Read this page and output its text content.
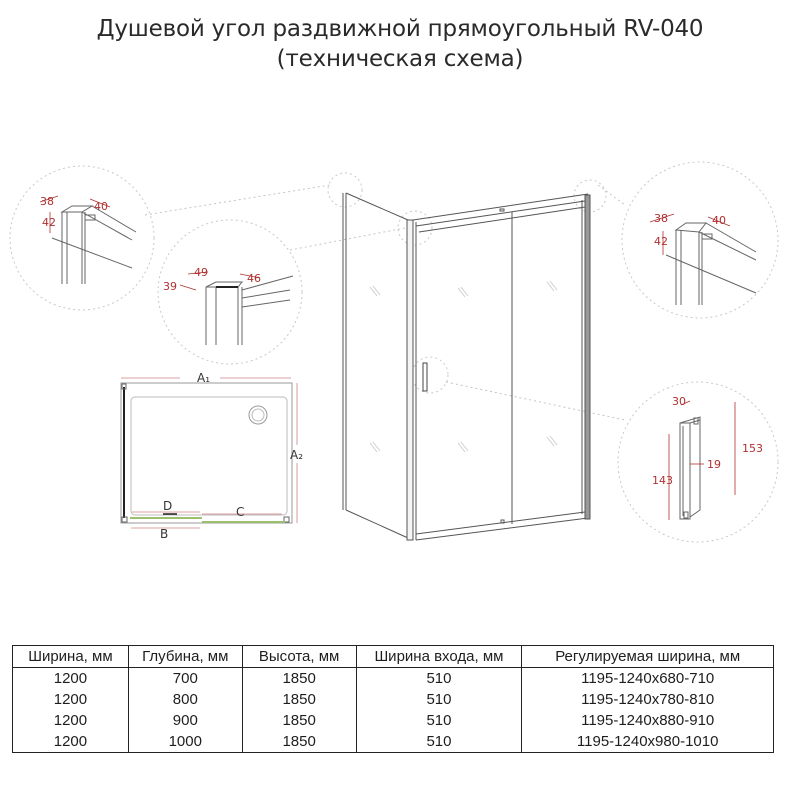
Душевой угол раздвижной прямоугольный RV-040
(техническая схема)
38	40
42
49	46
39
38	40
42
30
19
143
153
A₁
A₂
D	C
B
Ширина, мм	Глубина, мм	Высота, мм	Ширина входа, мм	Регулируемая ширина, мм
1200	700	1850	510	1195-1240x680-710
1200	800	1850	510	1195-1240x780-810
1200	900	1850	510	1195-1240x880-910
1200	1000	1850	510	1195-1240x980-1010
